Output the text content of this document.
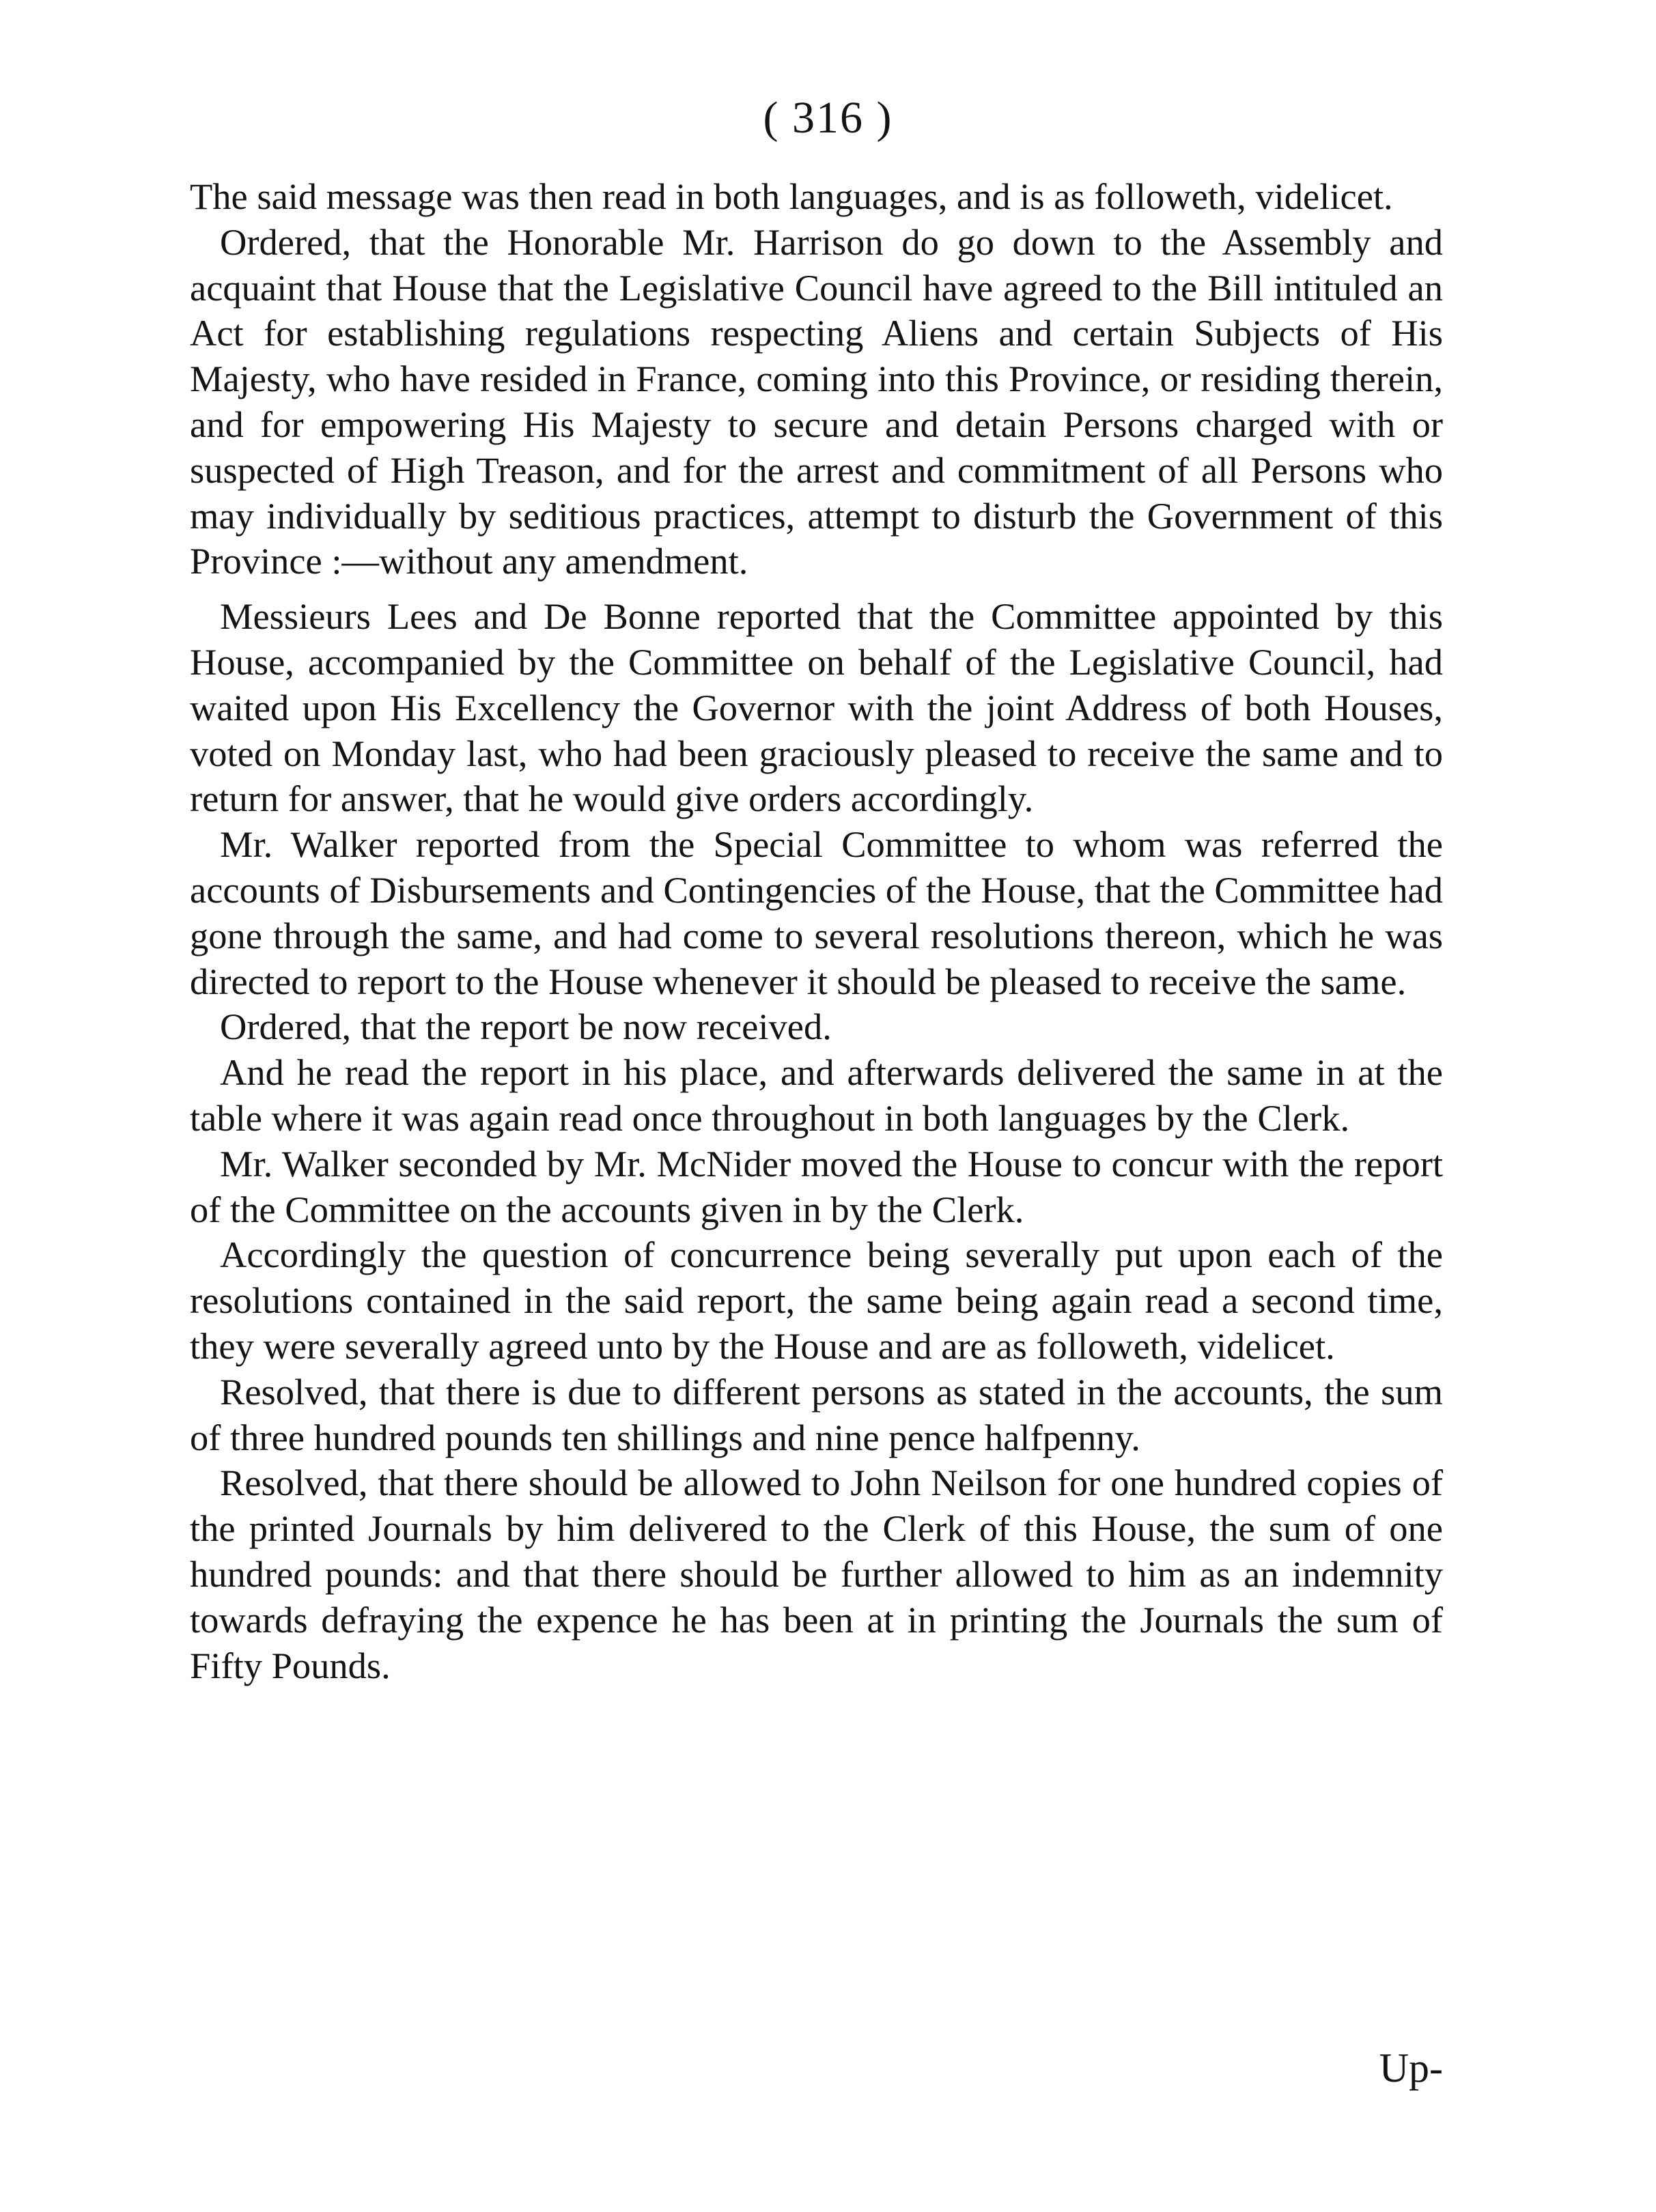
( 316 )

The said message was then read in both languages, and is as followeth, videlicet.

Ordered, that the Honorable Mr. Harrison do go down to the Assembly and acquaint that House that the Legislative Council have agreed to the Bill intituled an Act for establishing regulations respecting Aliens and certain Subjects of His Majesty, who have resided in France, coming into this Province, or residing therein, and for empowering His Majesty to secure and detain Persons charged with or suspected of High Treason, and for the arrest and commitment of all Persons who may individually by seditious practices, attempt to disturb the Government of this Province :—without any amendment.

Messieurs Lees and De Bonne reported that the Committee appointed by this House, accompanied by the Committee on behalf of the Legislative Council, had waited upon His Excellency the Governor with the joint Address of both Houses, voted on Monday last, who had been graciously pleased to receive the same and to return for answer, that he would give orders accordingly.

Mr. Walker reported from the Special Committee to whom was referred the accounts of Disbursements and Contingencies of the House, that the Committee had gone through the same, and had come to several resolutions thereon, which he was directed to report to the House whenever it should be pleased to receive the same.

Ordered, that the report be now received.

And he read the report in his place, and afterwards delivered the same in at the table where it was again read once throughout in both languages by the Clerk.

Mr. Walker seconded by Mr. McNider moved the House to concur with the report of the Committee on the accounts given in by the Clerk.

Accordingly the question of concurrence being severally put upon each of the resolutions contained in the said report, the same being again read a second time, they were severally agreed unto by the House and are as followeth, videlicet.

Resolved, that there is due to different persons as stated in the accounts, the sum of three hundred pounds ten shillings and nine pence halfpenny.

Resolved, that there should be allowed to John Neilson for one hundred copies of the printed Journals by him delivered to the Clerk of this House, the sum of one hundred pounds: and that there should be further allowed to him as an indemnity towards defraying the expence he has been at in printing the Journals the sum of Fifty Pounds.

Up-
